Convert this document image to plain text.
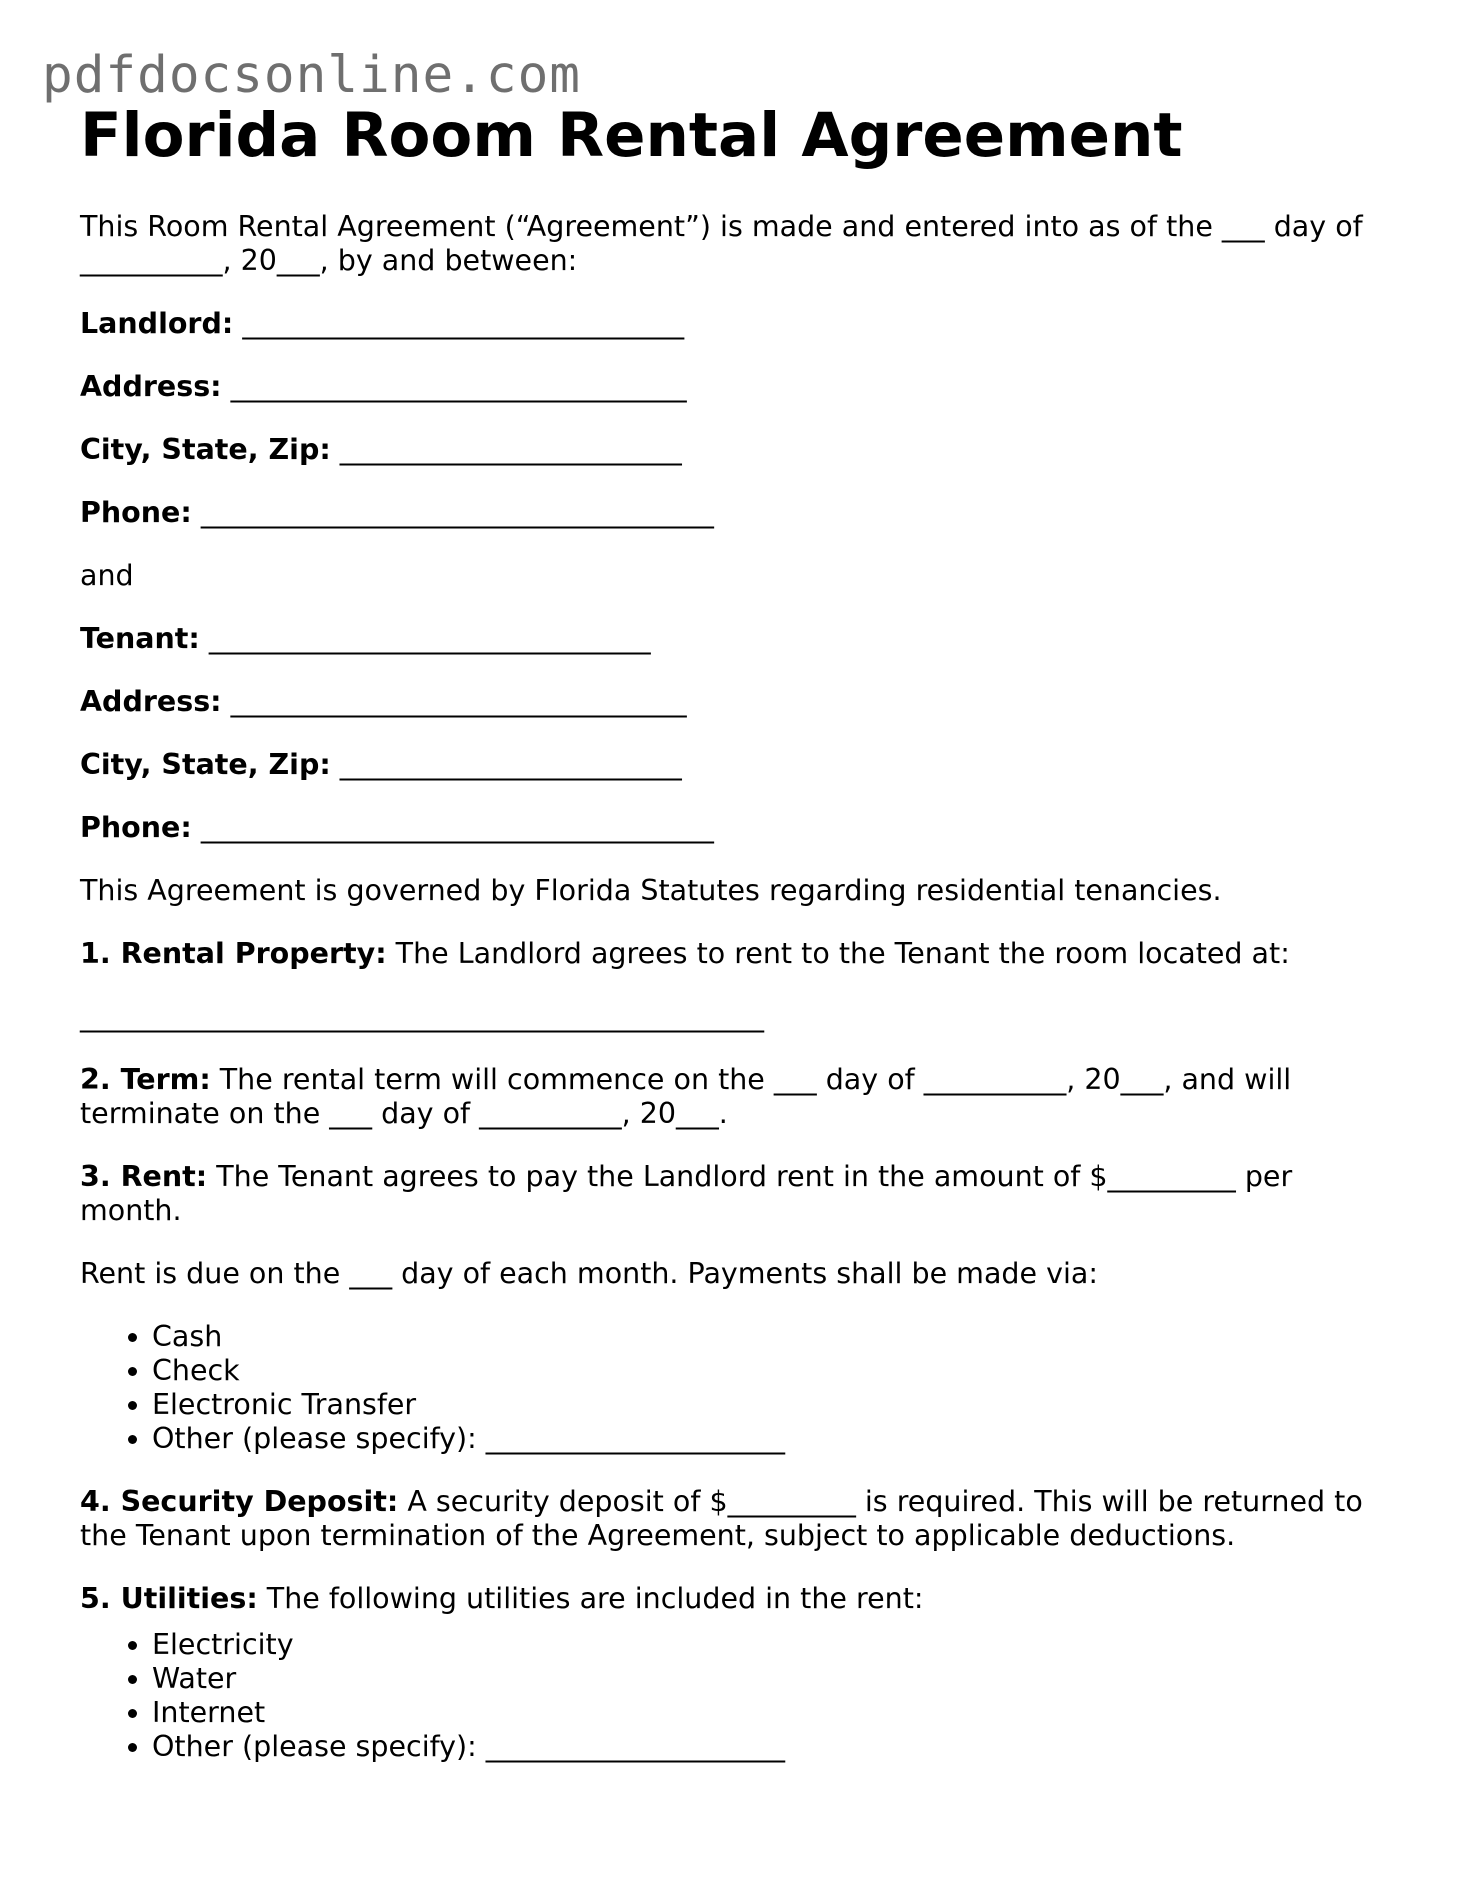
pdfdocsonline.com
Florida Room Rental Agreement

This Room Rental Agreement (“Agreement”) is made and entered into as of the ___ day of
__________, 20___, by and between:

Landlord: _______________________________
Address: ________________________________
City, State, Zip: ________________________
Phone: ____________________________________

and

Tenant: _______________________________
Address: ________________________________
City, State, Zip: ________________________
Phone: ____________________________________

This Agreement is governed by Florida Statutes regarding residential tenancies.

1. Rental Property: The Landlord agrees to rent to the Tenant the room located at:

________________________________________________

2. Term: The rental term will commence on the ___ day of __________, 20___, and will terminate on the ___ day of __________, 20___.

3. Rent: The Tenant agrees to pay the Landlord rent in the amount of $_________ per month.

Rent is due on the ___ day of each month. Payments shall be made via:

• Cash
• Check
• Electronic Transfer
• Other (please specify): _____________________

4. Security Deposit: A security deposit of $_________ is required. This will be returned to the Tenant upon termination of the Agreement, subject to applicable deductions.

5. Utilities: The following utilities are included in the rent:

• Electricity
• Water
• Internet
• Other (please specify): _____________________
